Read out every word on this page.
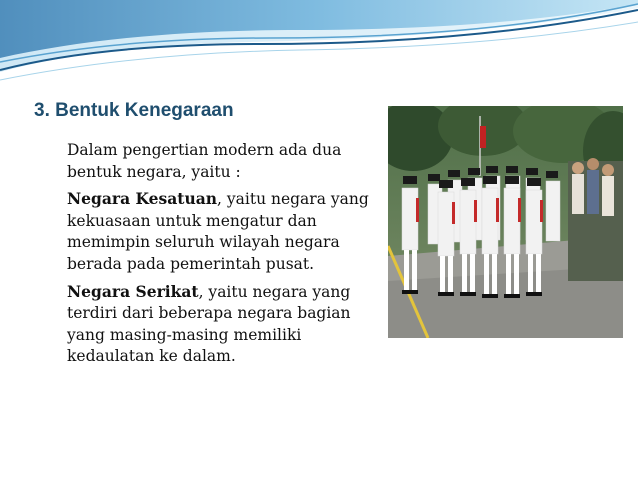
3. Bentuk Kenegaraan

Dalam pengertian modern ada dua bentuk negara, yaitu :

Negara Kesatuan, yaitu negara yang kekuasaan untuk mengatur dan memimpin seluruh wilayah negara berada pada pemerintah pusat.

Negara Serikat, yaitu negara yang terdiri dari beberapa negara bagian yang masing-masing memiliki kedaulatan ke dalam.
